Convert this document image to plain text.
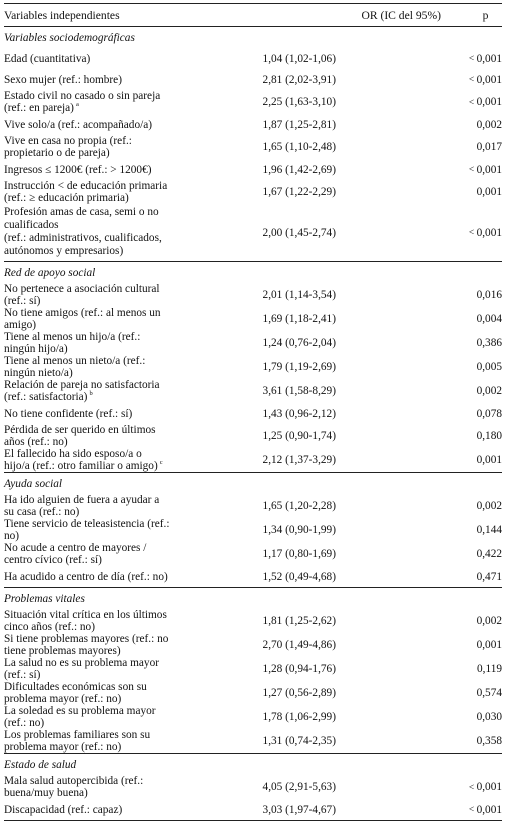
Variables independientes	OR (IC del 95%)	p
Variables sociodemográficas		
Edad (cuantitativa)	1,04 (1,02-1,06)	< 0,001
Sexo mujer (ref.: hombre)	2,81 (2,02-3,91)	< 0,001
Estado civil no casado o sin pareja (ref.: en pareja) $^a$	2,25 (1,63-3,10)	< 0,001
Vive solo/a (ref.: acompañado/a)	1,87 (1,25-2,81)	0,002
Vive en casa no propia (ref.: propietario o de pareja)	1,65 (1,10-2,48)	0,017
Ingresos ≤ 1200€ (ref.: > 1200€)	1,96 (1,42-2,69)	< 0,001
Instrucción < de educación primaria (ref.: ≥ educación primaria)	1,67 (1,22-2,29)	0,001
Profesión amas de casa, semi o no cualificados
(ref.: administrativos, cualificados, autónomos y empresarios)	2,00 (1,45-2,74)	< 0,001
Red de apoyo social		
No pertenece a asociación cultural (ref.: sí)	2,01 (1,14-3,54)	0,016
No tiene amigos (ref.: al menos un amigo)	1,69 (1,18-2,41)	0,004
Tiene al menos un hijo/a (ref.: ningún hijo/a)	1,24 (0,76-2,04)	0,386
Tiene al menos un nieto/a (ref.: ningún nieto/a)	1,79 (1,19-2,69)	0,005
Relación de pareja no satisfactoria (ref.: satisfactoria) $^b$	3,61 (1,58-8,29)	0,002
No tiene confidente (ref.: sí)	1,43 (0,96-2,12)	0,078
Pérdida de ser querido en últimos años (ref.: no)	1,25 (0,90-1,74)	0,180
El fallecido ha sido esposo/a o hijo/a (ref.: otro familiar o amigo) $^c$	2,12 (1,37-3,29)	0,001
Ayuda social		
Ha ido alguien de fuera a ayudar a su casa (ref.: no)	1,65 (1,20-2,28)	0,002
Tiene servicio de teleasistencia (ref.: no)	1,34 (0,90-1,99)	0,144
No acude a centro de mayores / centro cívico (ref.: sí)	1,17 (0,80-1,69)	0,422
Ha acudido a centro de día (ref.: no)	1,52 (0,49-4,68)	0,471
Problemas vitales		
Situación vital crítica en los últimos cinco años (ref.: no)	1,81 (1,25-2,62)	0,002
Si tiene problemas mayores (ref.: no tiene problemas mayores)	2,70 (1,49-4,86)	0,001
La salud no es su problema mayor (ref.: sí)	1,28 (0,94-1,76)	0,119
Dificultades económicas son su problema mayor (ref.: no)	1,27 (0,56-2,89)	0,574
La soledad es su problema mayor (ref.: no)	1,78 (1,06-2,99)	0,030
Los problemas familiares son su problema mayor (ref.: no)	1,31 (0,74-2,35)	0,358
Estado de salud		
Mala salud autopercibida (ref.: buena/muy buena)	4,05 (2,91-5,63)	< 0,001
Discapacidad (ref.: capaz)	3,03 (1,97-4,67)	< 0,001
